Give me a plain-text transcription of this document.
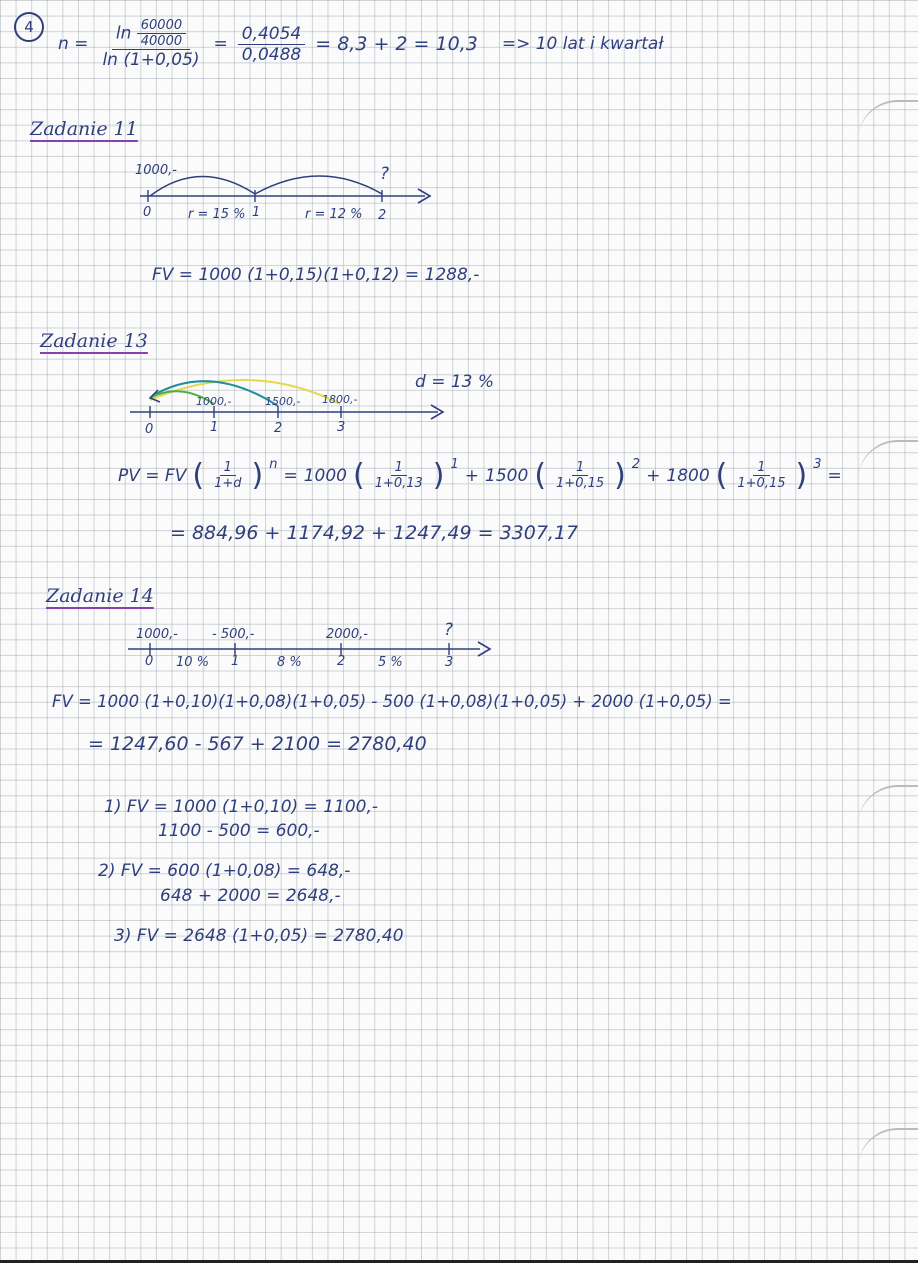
4
$n = \frac{\ln \frac{60000}{40000}}{\ln (1+0,05)} = \frac{0,4054}{0,0488} = 8,3 + 2 = 10,3 => 10$ lat i kwartał
Zadanie 11
1000,-	?
0	r = 15 % 1	r = 12 % 2
FV = 1000 (1+0,15)(1+0,12) = 1288,-
Zadanie 13
d = 13 %
1000,-	1500,- 1800,-
0	1	2	3
PV = FV ( $\frac{1}{1+d}$ ) $^n$
= 1000 ( $\frac{1}{1+0,13}$ ) $^1$
+ 1500 ( $\frac{1}{1+0,15}$ ) $^2$
+ 1800 ( $\frac{1}{1+0,15}$ ) $^3$
=
= 884,96 + 1174,92 + 1247,49 = 3307,17
Zadanie 14
1000,-	- 500,-	2000,-	?
0 10 % 1	8 %	2	5 %	3
FV = 1000 (1+0,10)(1+0,08)(1+0,05) - 500 (1+0,08)(1+0,05) + 2000 (1+0,05) =
= 1247,60 - 567 + 2100 = 2780,40
1) FV = 1000 (1+0,10) = 1100,-
1100 - 500 = 600,-
2) FV = 600 (1+0,08) = 648,-
648 + 2000 = 2648,-
3) FV = 2648 (1+0,05) = 2780,40
